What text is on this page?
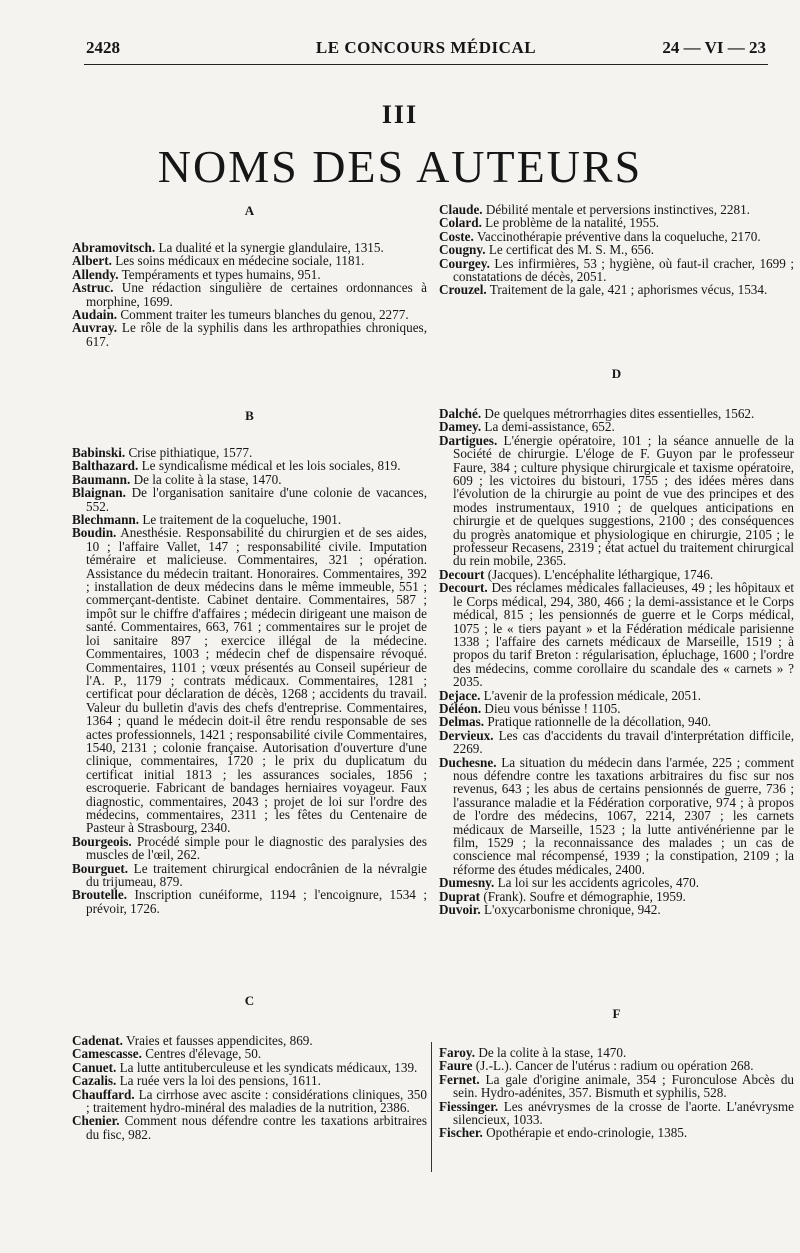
LE CONCOURS MÉDICAL
2428	24 — VI — 23
III
NOMS DES AUTEURS
A

Abramovitsch. La dualité et la synergie glandulaire, 1315.

Albert. Les soins médicaux en médecine sociale, 1181.

Allendy. Tempéraments et types humains, 951.

Astruc. Une rédaction singulière de certaines ordonnances à morphine, 1699.

Audain. Comment traiter les tumeurs blanches du genou, 2277.

Auvray. Le rôle de la syphilis dans les arthropathies chroniques, 617.

B

Babinski. Crise pithiatique, 1577.

Balthazard. Le syndicalisme médical et les lois sociales, 819.

Baumann. De la colite à la stase, 1470.

Blaignan. De l'organisation sanitaire d'une colonie de vacances, 552.

Blechmann. Le traitement de la coqueluche, 1901.

Boudin. Anesthésie. Responsabilité du chirurgien et de ses aides, 10 ; l'affaire Vallet, 147 ; responsabilité civile. Imputation téméraire et malicieuse. Commentaires, 321 ; opération. Assistance du médecin traitant. Honoraires. Commentaires, 392 ; installation de deux médecins dans le même immeuble, 551 ; commerçant-dentiste. Cabinet dentaire. Commentaires, 587 ; impôt sur le chiffre d'affaires ; médecin dirigeant une maison de santé. Commentaires, 663, 761 ; commentaires sur le projet de loi sanitaire 897 ; exercice illégal de la médecine. Commentaires, 1003 ; médecin chef de dispensaire révoqué. Commentaires, 1101 ; vœux présentés au Conseil supérieur de l'A. P., 1179 ; contrats médicaux. Commentaires, 1281 ; certificat pour déclaration de décès, 1268 ; accidents du travail. Valeur du bulletin d'avis des chefs d'entreprise. Commentaires, 1364 ; quand le médecin doit-il être rendu responsable de ses actes professionnels, 1421 ; responsabilité civile Commentaires, 1540, 2131 ; colonie française. Autorisation d'ouverture d'une clinique, commentaires, 1720 ; le prix du duplicatum du certificat initial 1813 ; les assurances sociales, 1856 ; escroquerie. Fabricant de bandages herniaires voyageur. Faux diagnostic, commentaires, 2043 ; projet de loi sur l'ordre des médecins, commentaires, 2311 ; les fêtes du Centenaire de Pasteur à Strasbourg, 2340.

Bourgeois. Procédé simple pour le diagnostic des paralysies des muscles de l'œil, 262.

Bourguet. Le traitement chirurgical endocrânien de la névralgie du trijumeau, 879.

Broutelle. Inscription cunéiforme, 1194 ; l'encoignure, 1534 ; prévoir, 1726.

C

Cadenat. Vraies et fausses appendicites, 869.

Camescasse. Centres d'élevage, 50.

Canuet. La lutte antituberculeuse et les syndicats médicaux, 139.

Cazalis. La ruée vers la loi des pensions, 1611.

Chauffard. La cirrhose avec ascite : considérations cliniques, 350 ; traitement hydro-minéral des maladies de la nutrition, 2386.

Chenier. Comment nous défendre contre les taxations arbitraires du fisc, 982.

Claude. Débilité mentale et perversions instinctives, 2281.

Colard. Le problème de la natalité, 1955.

Coste. Vaccinothérapie préventive dans la coqueluche, 2170.

Cougny. Le certificat des M. S. M., 656.

Courgey. Les infirmières, 53 ; hygiène, où faut-il cracher, 1699 ; constatations de décès, 2051.

Crouzel. Traitement de la gale, 421 ; aphorismes vécus, 1534.

D

Dalché. De quelques métrorrhagies dites essentielles, 1562.

Damey. La demi-assistance, 652.

Dartigues. L'énergie opératoire, 101 ; la séance annuelle de la Société de chirurgie. L'éloge de F. Guyon par le professeur Faure, 384 ; culture physique chirurgicale et taxisme opératoire, 609 ; les victoires du bistouri, 1755 ; des idées mères dans l'évolution de la chirurgie au point de vue des principes et des modes instrumentaux, 1910 ; de quelques anticipations en chirurgie et de quelques suggestions, 2100 ; des conséquences du progrès anatomique et physiologique en chirurgie, 2105 ; le professeur Recasens, 2319 ; état actuel du traitement chirurgical du rein mobile, 2365.

Decourt (Jacques). L'encéphalite léthargique, 1746.

Decourt. Des réclames médicales fallacieuses, 49 ; les hôpitaux et le Corps médical, 294, 380, 466 ; la demi-assistance et le Corps médical, 815 ; les pensionnés de guerre et le Corps médical, 1075 ; le « tiers payant » et la Fédération médicale parisienne 1338 ; l'affaire des carnets médicaux de Marseille, 1519 ; à propos du tarif Breton : régularisation, épluchage, 1600 ; l'ordre des médecins, comme corollaire du scandale des « carnets » ? 2035.

Dejace. L'avenir de la profession médicale, 2051.

Déléon. Dieu vous bénisse ! 1105.

Delmas. Pratique rationnelle de la décollation, 940.

Dervieux. Les cas d'accidents du travail d'interprétation difficile, 2269.

Duchesne. La situation du médecin dans l'armée, 225 ; comment nous défendre contre les taxations arbitraires du fisc sur nos revenus, 643 ; les abus de certains pensionnés de guerre, 736 ; l'assurance maladie et la Fédération corporative, 974 ; à propos de l'ordre des médecins, 1067, 2214, 2307 ; les carnets médicaux de Marseille, 1523 ; la lutte antivénérienne par le film, 1529 ; la reconnaissance des malades ; un cas de conscience mal récompensé, 1939 ; la constipation, 2109 ; la réforme des études médicales, 2400.

Dumesny. La loi sur les accidents agricoles, 470.

Duprat (Frank). Soufre et démographie, 1959.

Duvoir. L'oxycarbonisme chronique, 942.

F

Faroy. De la colite à la stase, 1470.

Faure (J.-L.). Cancer de l'utérus : radium ou opération 268.

Fernet. La gale d'origine animale, 354 ; Furonculose Abcès du sein. Hydro-adénites, 357. Bismuth et syphilis, 528.

Fiessinger. Les anévrysmes de la crosse de l'aorte. L'anévrysme silencieux, 1033.

Fischer. Opothérapie et endo-crinologie, 1385.
